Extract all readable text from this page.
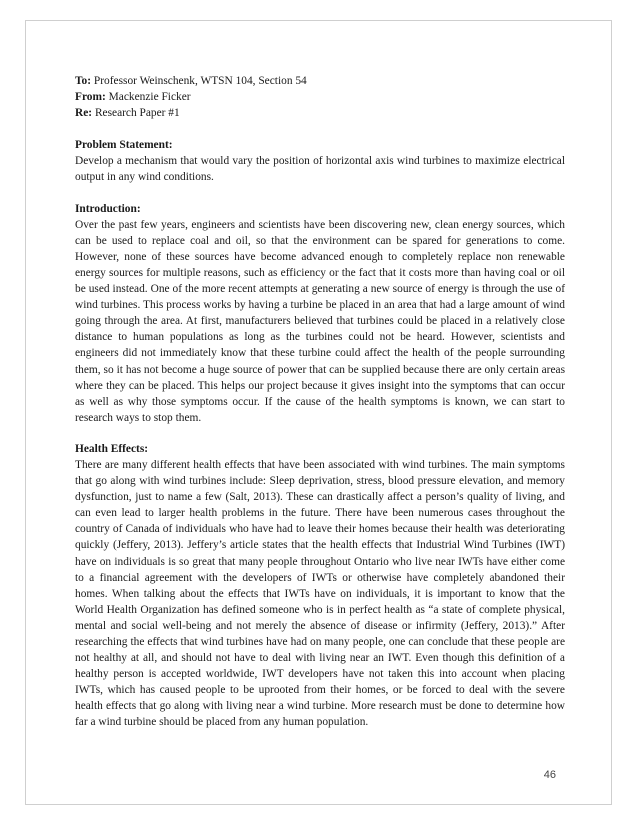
To: Professor Weinschenk, WTSN 104, Section 54

From: Mackenzie Ficker

Re: Research Paper #1

Problem Statement:

Develop a mechanism that would vary the position of horizontal axis wind turbines to maximize electrical output in any wind conditions.

Introduction:

Over the past few years, engineers and scientists have been discovering new, clean energy sources, which can be used to replace coal and oil, so that the environment can be spared for generations to come. However, none of these sources have become advanced enough to completely replace non renewable energy sources for multiple reasons, such as efficiency or the fact that it costs more than having coal or oil be used instead. One of the more recent attempts at generating a new source of energy is through the use of wind turbines. This process works by having a turbine be placed in an area that had a large amount of wind going through the area. At first, manufacturers believed that turbines could be placed in a relatively close distance to human populations as long as the turbines could not be heard. However, scientists and engineers did not immediately know that these turbine could affect the health of the people surrounding them, so it has not become a huge source of power that can be supplied because there are only certain areas where they can be placed. This helps our project because it gives insight into the symptoms that can occur as well as why those symptoms occur. If the cause of the health symptoms is known, we can start to research ways to stop them.

Health Effects:

There are many different health effects that have been associated with wind turbines. The main symptoms that go along with wind turbines include: Sleep deprivation, stress, blood pressure elevation, and memory dysfunction, just to name a few (Salt, 2013). These can drastically affect a person’s quality of living, and can even lead to larger health problems in the future. There have been numerous cases throughout the country of Canada of individuals who have had to leave their homes because their health was deteriorating quickly (Jeffery, 2013). Jeffery’s article states that the health effects that Industrial Wind Turbines (IWT) have on individuals is so great that many people throughout Ontario who live near IWTs have either come to a financial agreement with the developers of IWTs or otherwise have completely abandoned their homes. When talking about the effects that IWTs have on individuals, it is important to know that the World Health Organization has defined someone who is in perfect health as “a state of complete physical, mental and social well-being and not merely the absence of disease or infirmity (Jeffery, 2013).” After researching the effects that wind turbines have had on many people, one can conclude that these people are not healthy at all, and should not have to deal with living near an IWT. Even though this definition of a healthy person is accepted worldwide, IWT developers have not taken this into account when placing IWTs, which has caused people to be uprooted from their homes, or be forced to deal with the severe health effects that go along with living near a wind turbine. More research must be done to determine how far a wind turbine should be placed from any human population.

46
